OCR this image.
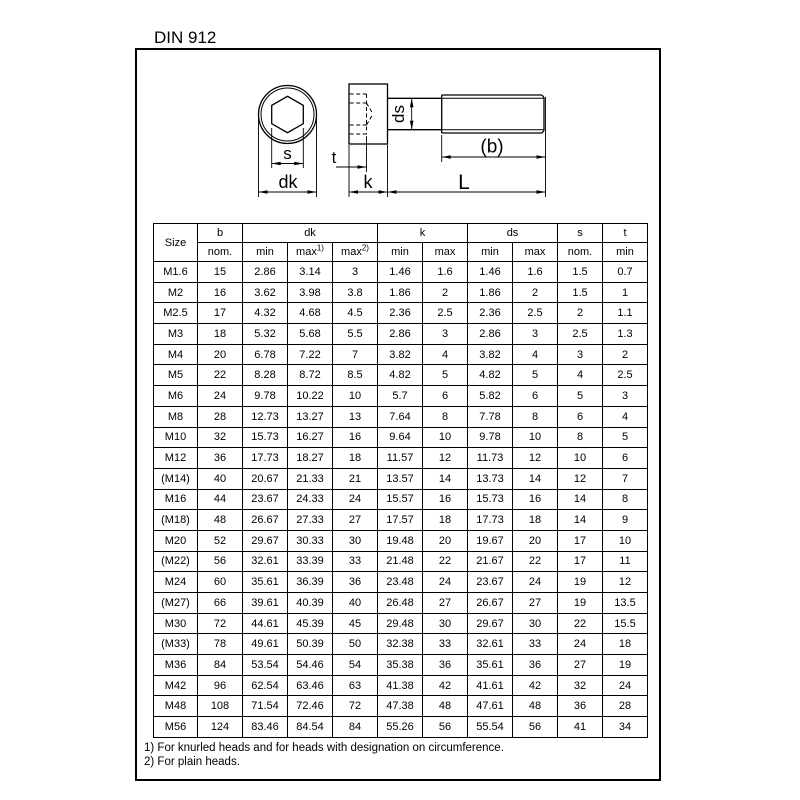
DIN 912
s
dk
t
k	L
ds
(b)
Size	b	dk			k		ds		s	t
	nom.	min	$\max^{1)}$	$\max^{2)}$	min	max	min	max	nom.	min
M1.6	15	2.86	3.14	3	1.46	1.6	1.46	1.6	1.5	0.7
M2	16	3.62	3.98	3.8	1.86	2	1.86	2	1.5	1
M2.5	17	4.32	4.68	4.5	2.36	2.5	2.36	2.5	2	1.1
M3	18	5.32	5.68	5.5	2.86	3	2.86	3	2.5	1.3
M4	20	6.78	7.22	7	3.82	4	3.82	4	3	2
M5	22	8.28	8.72	8.5	4.82	5	4.82	5	4	2.5
M6	24	9.78	10.22	10	5.7	6	5.82	6	5	3
M8	28	12.73	13.27	13	7.64	8	7.78	8	6	4
M10	32	15.73	16.27	16	9.64	10	9.78	10	8	5
M12	36	17.73	18.27	18	11.57	12	11.73	12	10	6
(M14)	40	20.67	21.33	21	13.57	14	13.73	14	12	7
M16	44	23.67	24.33	24	15.57	16	15.73	16	14	8
(M18)	48	26.67	27.33	27	17.57	18	17.73	18	14	9
M20	52	29.67	30.33	30	19.48	20	19.67	20	17	10
(M22)	56	32.61	33.39	33	21.48	22	21.67	22	17	11
M24	60	35.61	36.39	36	23.48	24	23.67	24	19	12
(M27)	66	39.61	40.39	40	26.48	27	26.67	27	19	13.5
M30	72	44.61	45.39	45	29.48	30	29.67	30	22	15.5
(M33)	78	49.61	50.39	50	32.38	33	32.61	33	24	18
M36	84	53.54	54.46	54	35.38	36	35.61	36	27	19
M42	96	62.54	63.46	63	41.38	42	41.61	42	32	24
M48	108	71.54	72.46	72	47.38	48	47.61	48	36	28
M56	124	83.46	84.54	84	55.26	56	55.54	56	41	34
1) For knurled heads and for heads with designation on circumference.
2) For plain heads.
